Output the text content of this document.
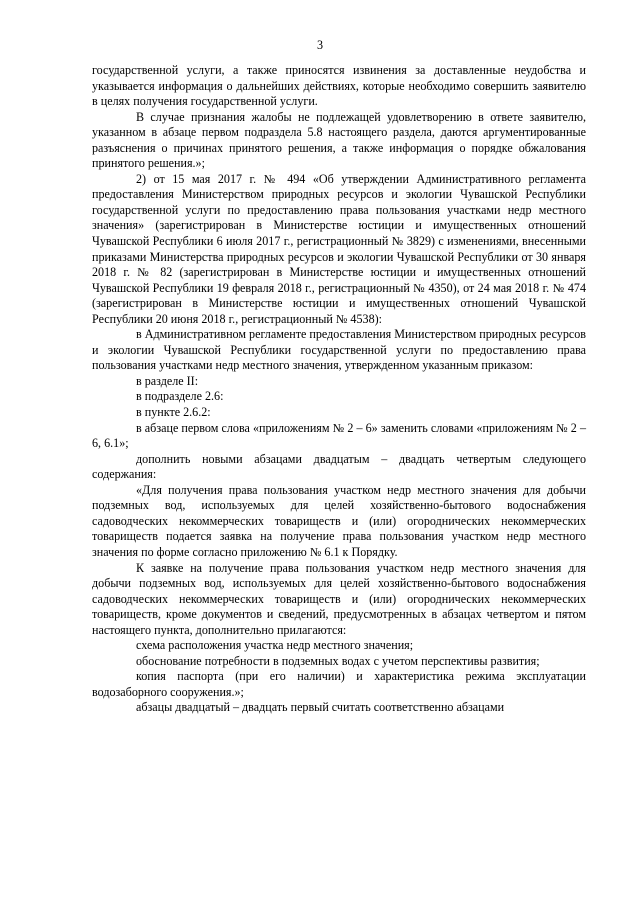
3

государственной услуги, а также приносятся извинения за доставленные неудобства и указывается информация о дальнейших действиях, которые необходимо совершить заявителю в целях получения государственной услуги.

В случае признания жалобы не подлежащей удовлетворению в ответе заявителю, указанном в абзаце первом подраздела 5.8 настоящего раздела, даются аргументированные разъяснения о причинах принятого решения, а также информация о порядке обжалования принятого решения.»;

2) от 15 мая 2017 г. № 494 «Об утверждении Административного регламента предоставления Министерством природных ресурсов и экологии Чувашской Республики государственной услуги по предоставлению права пользования участками недр местного значения» (зарегистрирован в Министерстве юстиции и имущественных отношений Чувашской Республики 6 июля 2017 г., регистрационный № 3829) с изменениями, внесенными приказами Министерства природных ресурсов и экологии Чувашской Республики от 30 января 2018 г. № 82 (зарегистрирован в Министерстве юстиции и имущественных отношений Чувашской Республики 19 февраля 2018 г., регистрационный № 4350), от 24 мая 2018 г. № 474 (зарегистрирован в Министерстве юстиции и имущественных отношений Чувашской Республики 20 июня 2018 г., регистрационный № 4538):

в Административном регламенте предоставления Министерством природных ресурсов и экологии Чувашской Республики государственной услуги по предоставлению права пользования участками недр местного значения, утвержденном указанным приказом:

в разделе II:

в подразделе 2.6:

в пункте 2.6.2:

в абзаце первом слова «приложениям № 2 – 6» заменить словами «приложениям № 2 – 6, 6.1»;

дополнить новыми абзацами двадцатым – двадцать четвертым следующего содержания:

«Для получения права пользования участком недр местного значения для добычи подземных вод, используемых для целей хозяйственно-бытового водоснабжения садоводческих некоммерческих товариществ и (или) огороднических некоммерческих товариществ подается заявка на получение права пользования участком недр местного значения по форме согласно приложению № 6.1 к Порядку.

К заявке на получение права пользования участком недр местного значения для добычи подземных вод, используемых для целей хозяйственно-бытового водоснабжения садоводческих некоммерческих товариществ и (или) огороднических некоммерческих товариществ, кроме документов и сведений, предусмотренных в абзацах четвертом и пятом настоящего пункта, дополнительно прилагаются:

схема расположения участка недр местного значения;

обоснование потребности в подземных водах с учетом перспективы развития;

копия паспорта (при его наличии) и характеристика режима эксплуатации водозаборного сооружения.»;

абзацы двадцатый – двадцать первый считать соответственно абзацами
